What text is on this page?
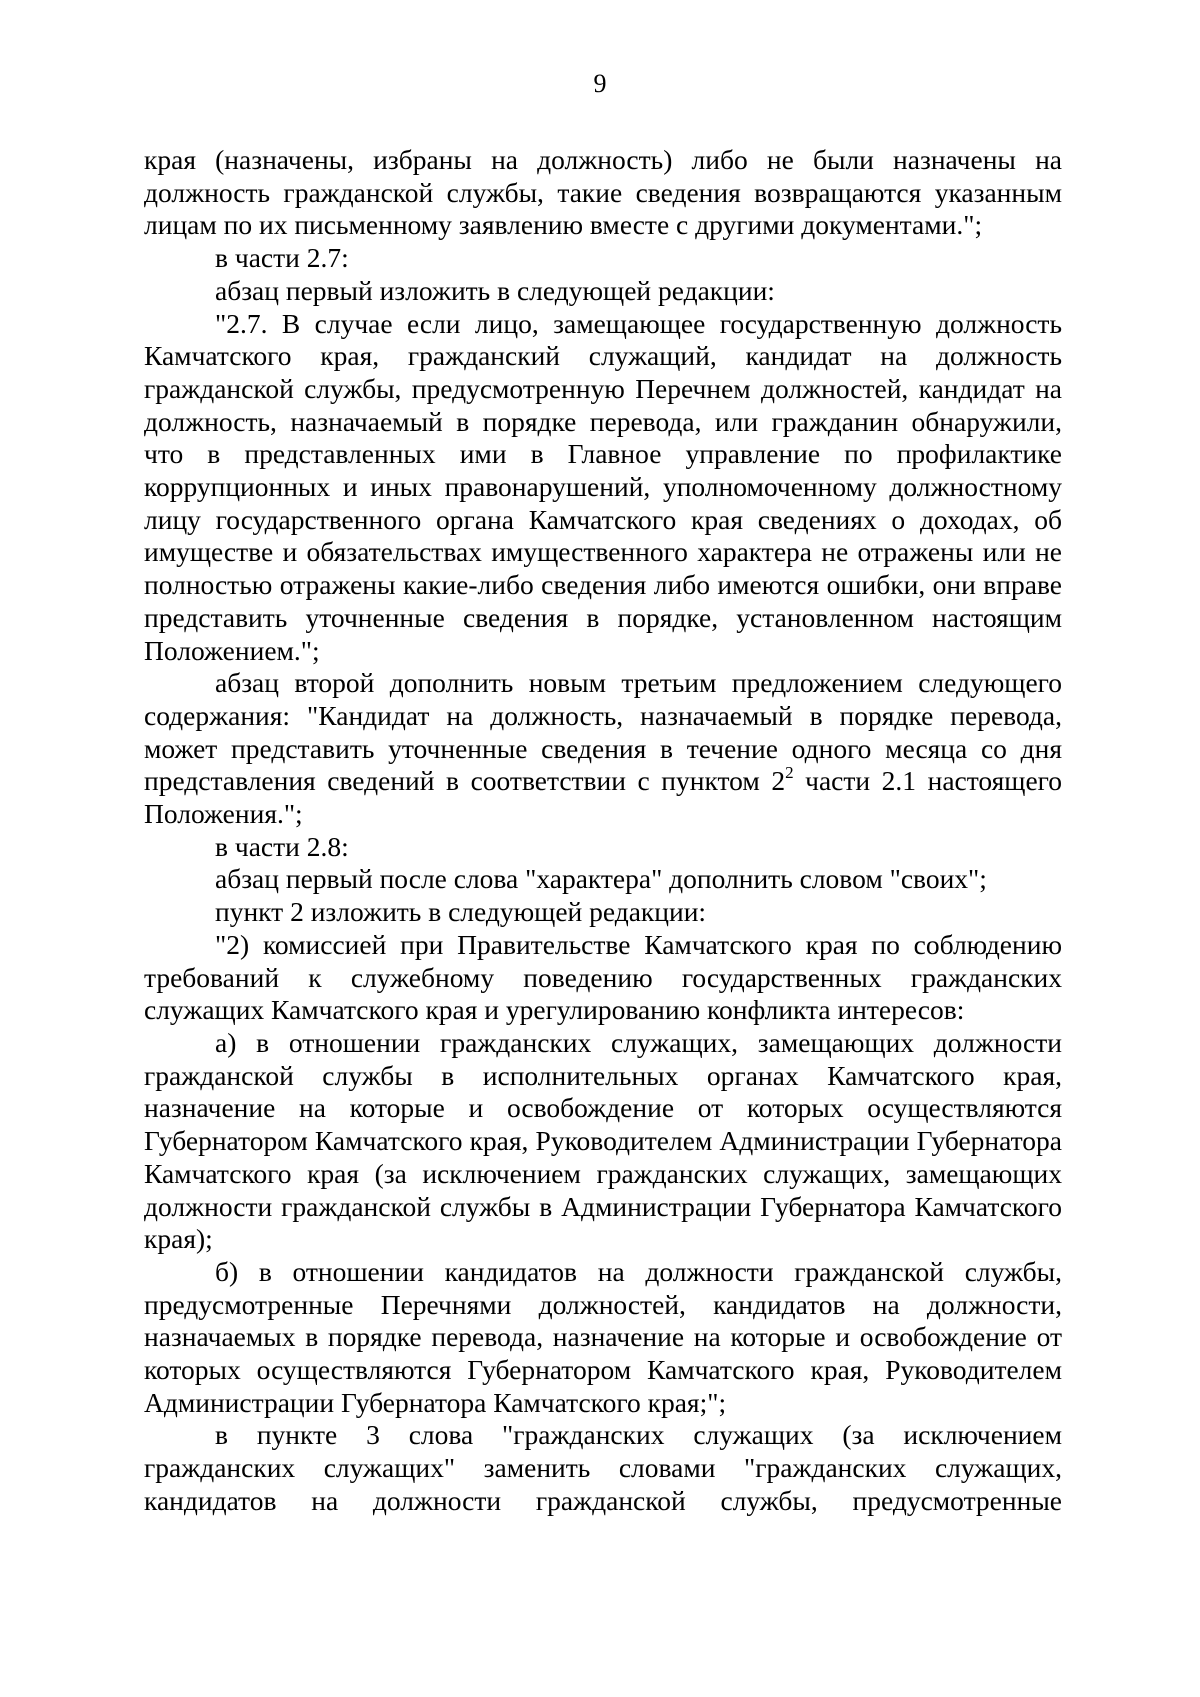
9

края (назначены, избраны на должность) либо не были назначены на должность гражданской службы, такие сведения возвращаются указанным лицам по их письменному заявлению вместе с другими документами.";

в части 2.7:

абзац первый изложить в следующей редакции:

"2.7. В случае если лицо, замещающее государственную должность Камчатского края, гражданский служащий, кандидат на должность гражданской службы, предусмотренную Перечнем должностей, кандидат на должность, назначаемый в порядке перевода, или гражданин обнаружили, что в представленных ими в Главное управление по профилактике коррупционных и иных правонарушений, уполномоченному должностному лицу государственного органа Камчатского края сведениях о доходах, об имуществе и обязательствах имущественного характера не отражены или не полностью отражены какие-либо сведения либо имеются ошибки, они вправе представить уточненные сведения в порядке, установленном настоящим Положением.";

абзац второй дополнить новым третьим предложением следующего содержания: "Кандидат на должность, назначаемый в порядке перевода, может представить уточненные сведения в течение одного месяца со дня представления сведений в соответствии с пунктом $2^2$ части 2.1 настоящего Положения.";

в части 2.8:

абзац первый после слова "характера" дополнить словом "своих";

пункт 2 изложить в следующей редакции:

"2) комиссией при Правительстве Камчатского края по соблюдению требований к служебному поведению государственных гражданских служащих Камчатского края и урегулированию конфликта интересов:

а) в отношении гражданских служащих, замещающих должности гражданской службы в исполнительных органах Камчатского края, назначение на которые и освобождение от которых осуществляются Губернатором Камчатского края, Руководителем Администрации Губернатора Камчатского края (за исключением гражданских служащих, замещающих должности гражданской службы в Администрации Губернатора Камчатского края);

б) в отношении кандидатов на должности гражданской службы, предусмотренные Перечнями должностей, кандидатов на должности, назначаемых в порядке перевода, назначение на которые и освобождение от которых осуществляются Губернатором Камчатского края, Руководителем Администрации Губернатора Камчатского края;";

в пункте 3 слова "гражданских служащих (за исключением гражданских служащих" заменить словами "гражданских служащих, кандидатов на должности гражданской службы, предусмотренные
